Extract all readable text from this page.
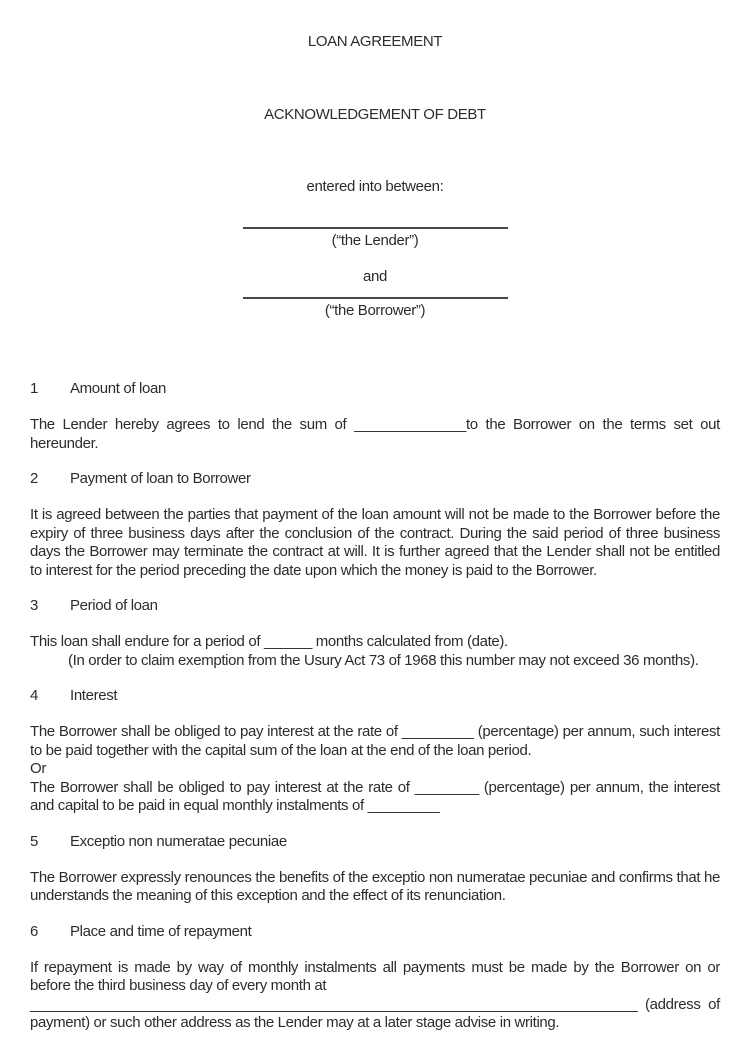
LOAN AGREEMENT
ACKNOWLEDGEMENT OF DEBT
entered into between:
(“the Lender”)
and
(“the Borrower”)
1 Amount of loan

The Lender hereby agrees to lend the sum of ______________to the Borrower on the terms set out hereunder.

2 Payment of loan to Borrower

It is agreed between the parties that payment of the loan amount will not be made to the Borrower before the expiry of three business days after the conclusion of the contract. During the said period of three business days the Borrower may terminate the contract at will. It is further agreed that the Lender shall not be entitled to interest for the period preceding the date upon which the money is paid to the Borrower.

3 Period of loan

This loan shall endure for a period of ______ months calculated from (date).

(In order to claim exemption from the Usury Act 73 of 1968 this number may not exceed 36 months).

4 Interest

The Borrower shall be obliged to pay interest at the rate of _________ (percentage) per annum, such interest to be paid together with the capital sum of the loan at the end of the loan period.

Or

The Borrower shall be obliged to pay interest at the rate of ________ (percentage) per annum, the interest and capital to be paid in equal monthly instalments of _________

5 Exceptio non numeratae pecuniae

The Borrower expressly renounces the benefits of the exceptio non numeratae pecuniae and confirms that he understands the meaning of this exception and the effect of its renunciation.

6 Place and time of repayment

If repayment is made by way of monthly instalments all payments must be made by the Borrower on or before the third business day of every month at

____________________________________________________________________________ (address of payment) or such other address as the Lender may at a later stage advise in writing.
